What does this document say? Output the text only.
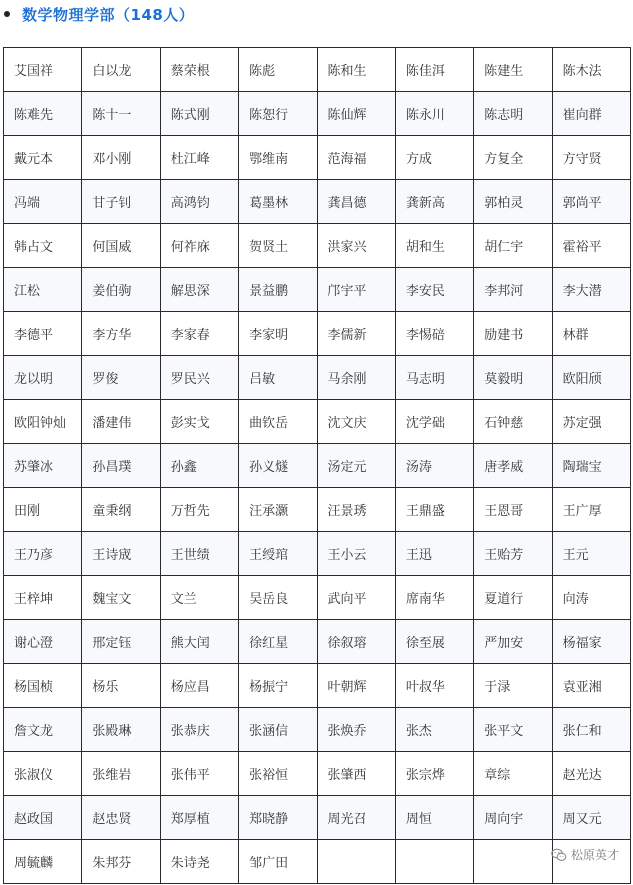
数学物理学部（148人）
艾国祥	白以龙	蔡荣根	陈彪	陈和生	陈佳洱	陈建生	陈木法
陈难先	陈十一	陈式刚	陈恕行	陈仙辉	陈永川	陈志明	崔向群
戴元本	邓小刚	杜江峰	鄂维南	范海福	方成	方复全	方守贤
冯端	甘子钊	高鸿钧	葛墨林	龚昌德	龚新高	郭柏灵	郭尚平
韩占文	何国威	何祚庥	贺贤土	洪家兴	胡和生	胡仁宇	霍裕平
江松	姜伯驹	解思深	景益鹏	邝宇平	李安民	李邦河	李大潜
李德平	李方华	李家春	李家明	李儒新	李惕碚	励建书	林群
龙以明	罗俊	罗民兴	吕敏	马余刚	马志明	莫毅明	欧阳颀
欧阳钟灿	潘建伟	彭实戈	曲钦岳	沈文庆	沈学础	石钟慈	苏定强
苏肇冰	孙昌璞	孙鑫	孙义燧	汤定元	汤涛	唐孝威	陶瑞宝
田刚	童秉纲	万哲先	汪承灏	汪景琇	王鼎盛	王恩哥	王广厚
王乃彦	王诗宬	王世绩	王绶琯	王小云	王迅	王贻芳	王元
王梓坤	魏宝文	文兰	吴岳良	武向平	席南华	夏道行	向涛
谢心澄	邢定钰	熊大闰	徐红星	徐叙瑢	徐至展	严加安	杨福家
杨国桢	杨乐	杨应昌	杨振宁	叶朝辉	叶叔华	于渌	袁亚湘
詹文龙	张殿琳	张恭庆	张涵信	张焕乔	张杰	张平文	张仁和
张淑仪	张维岩	张伟平	张裕恒	张肇西	张宗烨	章综	赵光达
赵政国	赵忠贤	郑厚植	郑晓静	周光召	周恒	周向宇	周又元
周毓麟	朱邦芬	朱诗尧	邹广田				
松原英才
